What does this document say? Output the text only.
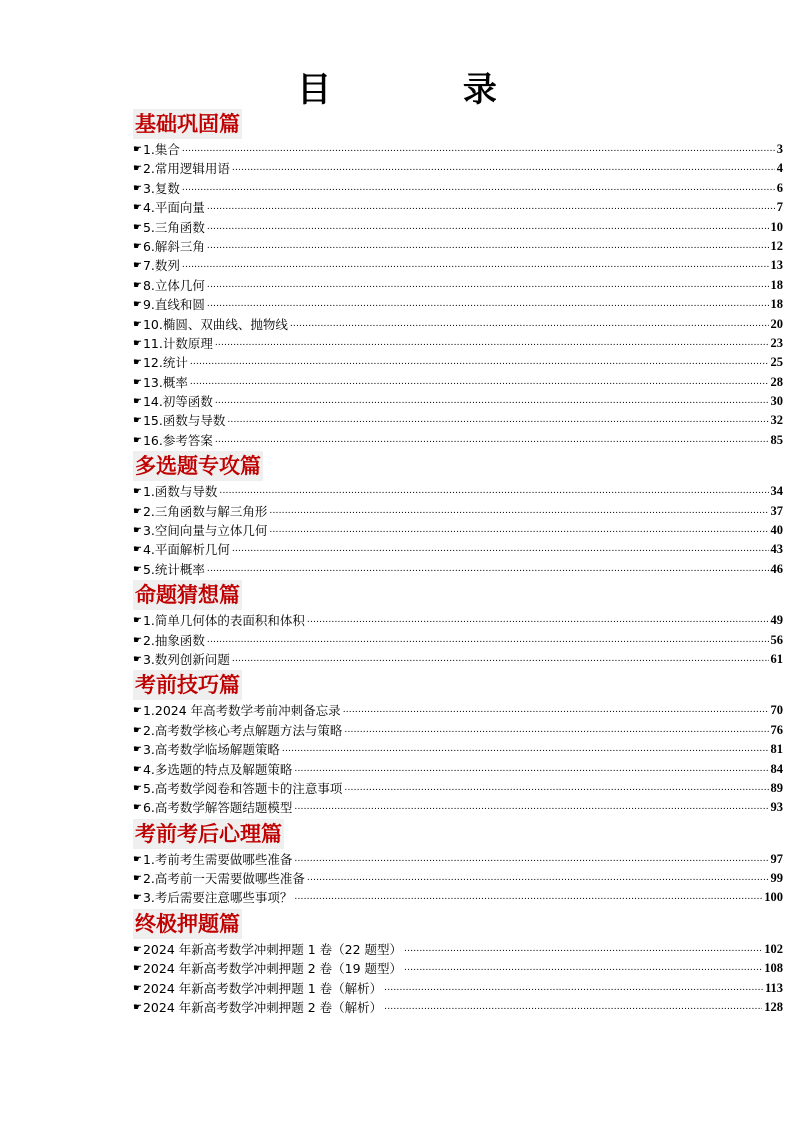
目 录
基础巩固篇
☛ 1.集合 .....	3
☛ 2.常用逻辑用语 .....	4
☛ 3.复数 .....	6
☛ 4.平面向量 .....	7
☛ 5.三角函数 .....	10
☛ 6.解斜三角 .....	12
☛ 7.数列 .....	13
☛ 8.立体几何 .....	18
☛ 9.直线和圆 .....	18
☛ 10.椭圆、双曲线、抛物线 .....	20
☛ 11.计数原理 .....	23
☛ 12.统计 .....	25
☛ 13.概率 .....	28
☛ 14.初等函数 .....	30
☛ 15.函数与导数 .....	32
☛ 16.参考答案 .....	85
多选题专攻篇
☛ 1.函数与导数 .....	34
☛ 2.三角函数与解三角形 .....	37
☛ 3.空间向量与立体几何 .....	40
☛ 4.平面解析几何 .....	43
☛ 5.统计概率 .....	46
命题猜想篇
☛ 1.简单几何体的表面积和体积 .....	49
☛ 2.抽象函数 .....	56
☛ 3.数列创新问题 .....	61
考前技巧篇
☛ 1.2024 年高考数学考前冲刺备忘录 .....	70
☛ 2.高考数学核心考点解题方法与策略 .....	76
☛ 3.高考数学临场解题策略 .....	81
☛ 4.多选题的特点及解题策略 .....	84
☛ 5.高考数学阅卷和答题卡的注意事项 .....	89
☛ 6.高考数学解答题结题模型 .....	93
考前考后心理篇
☛ 1.考前考生需要做哪些准备 .....	97
☛ 2.高考前一天需要做哪些准备 .....	99
☛ 3.考后需要注意哪些事项？ .....	100
终极押题篇
☛ 2024 年新高考数学冲刺押题 1 卷（22 题型） .....	102
☛ 2024 年新高考数学冲刺押题 2 卷（19 题型） .....	108
☛ 2024 年新高考数学冲刺押题 1 卷（解析） .....	113
☛ 2024 年新高考数学冲刺押题 2 卷（解析） .....	128
